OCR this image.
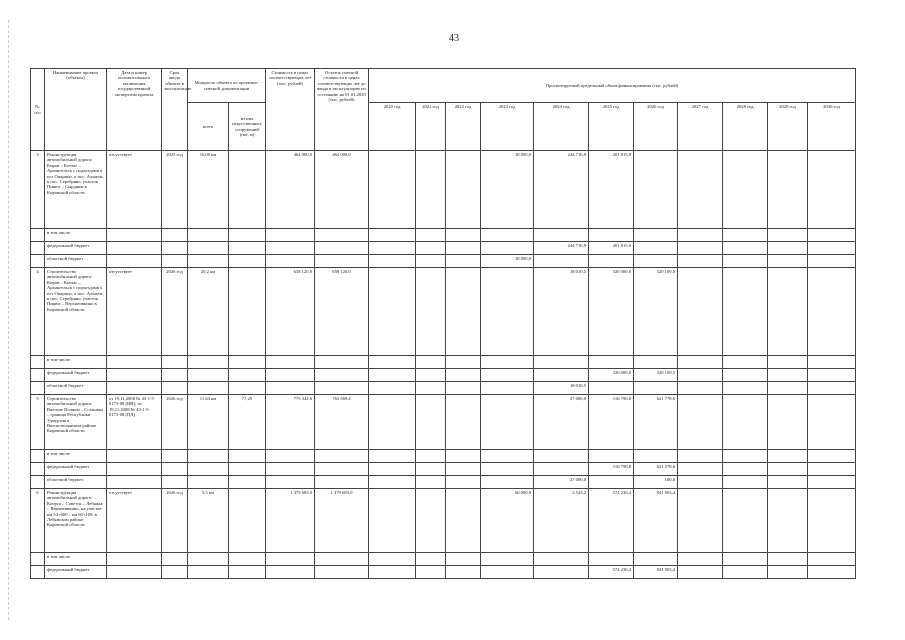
43
№ п/п	Наименование проекта (объекта)	Дата и номер положительного заключения государственной экспертизы проекта	Срок ввода объекта в эксплуатацию	Мощность объекта по проектно-сметной документации		Стоимость в ценах соответствующих лет (тыс. рублей)	Остаток сметной стоимости в ценах соответствующих лет до ввода в эксплуатацию по состоянию на 01.01.2020 (тыс. рублей)	Прогнозируемый предельный объем финансирования (тыс. рублей)										
				всего	из них искусственных сооружений (пог. м)			2020 год	2021 год	2022 год	2023 год	2024 год	2025 год	2026 год	2027 год	2028 год	2029 год	2030 год
3	Реконструкция автомобильной дороги Киров – Котлас – Архангельск с подъездами к пгт Опарино, к пос. Альмеж, к пос. Серебряно, участок Пинюг – Сырдяны в Кировской области	отсутствует	2025 год	16,00 км		464 000,0	464 000,0				18 000,0	244 716,9	201 815,0					
	в том числе:																	
	федеральный бюджет											244 716,9	201 815,0					
	областной бюджет										18 000,0							
4	Строительство автомобильной дороги Киров – Котлас – Архангельск с подъездами к пгт Опарино, к пос. Альмеж, к пос. Серебряно, участок Пинюг – Верхнеивкино в Кировской области	отсутствует	2026 год	20,2 км		658 120,0	658 120,0					18 010,5	320 000,0	320 109,5				
	в том числе:																	
	федеральный бюджет												320 000,0	320 109,5				
	областной бюджет											18 010,5						
5	Строительство автомобильной дороги Вятские Поляны – Сосновка – граница Республики Удмуртия в Вятскополянском районе Кировской области	от 19.11.2008 № 43-1-5-0173-08 (ИИ); от 19.11.2008 № 43-1-5-0173-08 (ПД)	2026 год	11,63 км	77,25	775 342,6	765 569,4					27 000,0	116 790,8	621 778,6				
	в том числе:																	
	федеральный бюджет												116 790,8	621 578,6				
	областной бюджет											27 000,0		100,0				
6	Реконструкция автомобильной дороги Кичуга – Советск – Лебяжье – Верхнеивкино, на участке км 54+600 – км 60+100, в Лебяжском районе Кировской области	отсутствует	2026 год	5,5 км		1 479 683,0	1 479 683,0				60 000,0	3 543,2	574 236,4	841 903,4				
	в том числе:																	
	федеральный бюджет												574 236,4	841 903,4				
